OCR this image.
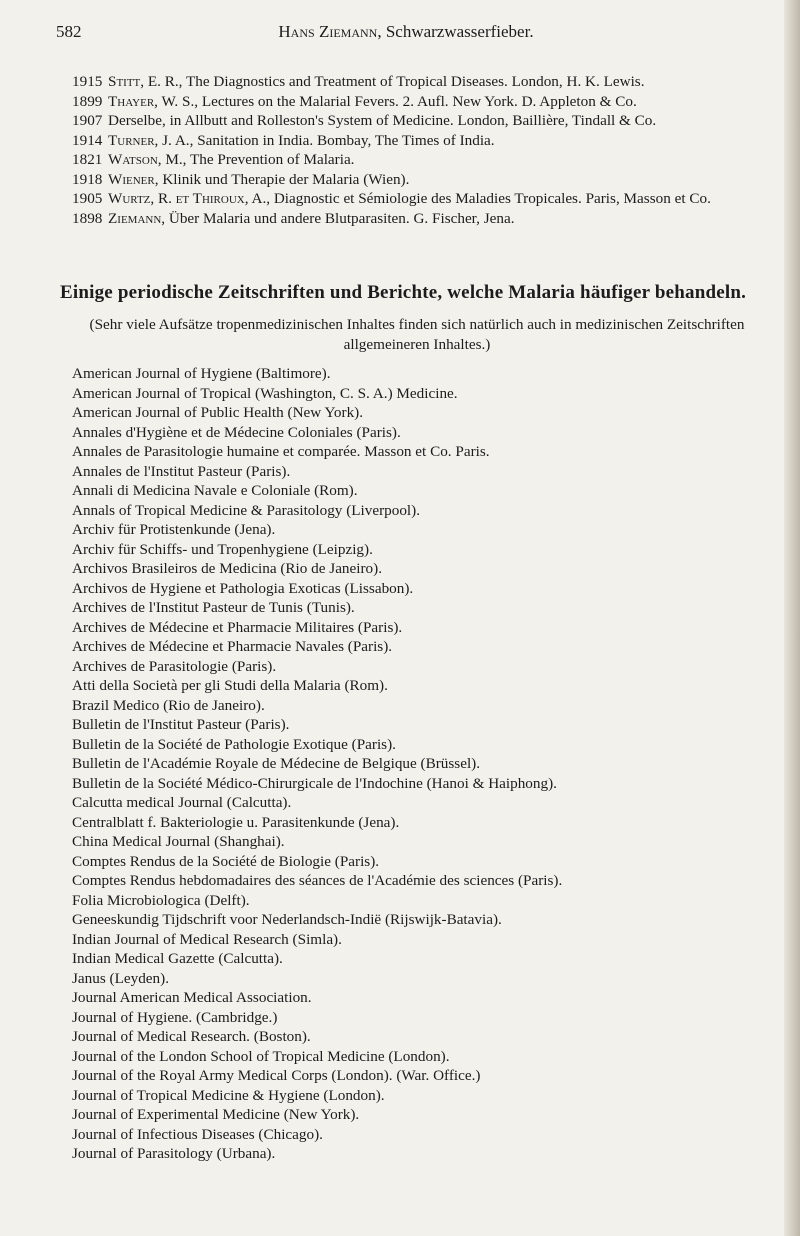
582	Hans Ziemann, Schwarzwasserfieber.
1915 Stitt, E. R., The Diagnostics and Treatment of Tropical Diseases. London, H. K. Lewis.
1899 Thayer, W. S., Lectures on the Malarial Fevers. 2. Aufl. New York. D. Appleton & Co.
1907 Derselbe, in Allbutt and Rolleston's System of Medicine. London, Baillière, Tindall & Co.
1914 Turner, J. A., Sanitation in India. Bombay, The Times of India.
1821 Watson, M., The Prevention of Malaria.
1918 Wiener, Klinik und Therapie der Malaria (Wien).
1905 Wurtz, R. et Thiroux, A., Diagnostic et Sémiologie des Maladies Tropicales. Paris, Masson et Co.
1898 Ziemann, Über Malaria und andere Blutparasiten. G. Fischer, Jena.
Einige periodische Zeitschriften und Berichte, welche Malaria häufiger behandeln.
(Sehr viele Aufsätze tropenmedizinischen Inhaltes finden sich natürlich auch in medizinischen Zeitschriften allgemeineren Inhaltes.)
American Journal of Hygiene (Baltimore).
American Journal of Tropical (Washington, C. S. A.) Medicine.
American Journal of Public Health (New York).
Annales d'Hygiène et de Médecine Coloniales (Paris).
Annales de Parasitologie humaine et comparée. Masson et Co. Paris.
Annales de l'Institut Pasteur (Paris).
Annali di Medicina Navale e Coloniale (Rom).
Annals of Tropical Medicine & Parasitology (Liverpool).
Archiv für Protistenkunde (Jena).
Archiv für Schiffs- und Tropenhygiene (Leipzig).
Archivos Brasileiros de Medicina (Rio de Janeiro).
Archivos de Hygiene et Pathologia Exoticas (Lissabon).
Archives de l'Institut Pasteur de Tunis (Tunis).
Archives de Médecine et Pharmacie Militaires (Paris).
Archives de Médecine et Pharmacie Navales (Paris).
Archives de Parasitologie (Paris).
Atti della Società per gli Studi della Malaria (Rom).
Brazil Medico (Rio de Janeiro).
Bulletin de l'Institut Pasteur (Paris).
Bulletin de la Société de Pathologie Exotique (Paris).
Bulletin de l'Académie Royale de Médecine de Belgique (Brüssel).
Bulletin de la Société Médico-Chirurgicale de l'Indochine (Hanoi & Haiphong).
Calcutta medical Journal (Calcutta).
Centralblatt f. Bakteriologie u. Parasitenkunde (Jena).
China Medical Journal (Shanghai).
Comptes Rendus de la Société de Biologie (Paris).
Comptes Rendus hebdomadaires des séances de l'Académie des sciences (Paris).
Folia Microbiologica (Delft).
Geneeskundig Tijdschrift voor Nederlandsch-Indië (Rijswijk-Batavia).
Indian Journal of Medical Research (Simla).
Indian Medical Gazette (Calcutta).
Janus (Leyden).
Journal American Medical Association.
Journal of Hygiene. (Cambridge.)
Journal of Medical Research. (Boston).
Journal of the London School of Tropical Medicine (London).
Journal of the Royal Army Medical Corps (London). (War. Office.)
Journal of Tropical Medicine & Hygiene (London).
Journal of Experimental Medicine (New York).
Journal of Infectious Diseases (Chicago).
Journal of Parasitology (Urbana).
